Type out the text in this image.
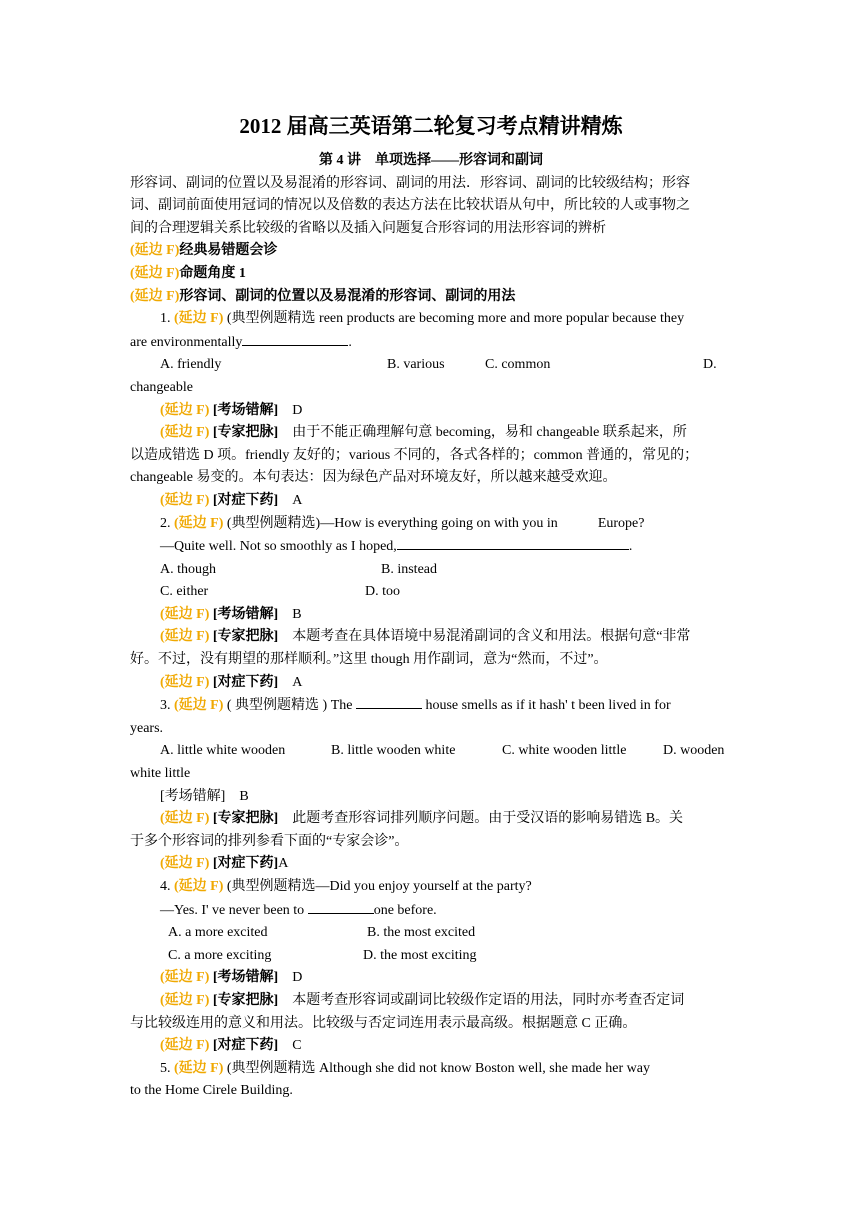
2012 届高三英语第二轮复习考点精讲精炼
第 4 讲　单项选择——形容词和副词
形容词、副词的位置以及易混淆的形容词、副词的用法．形容词、副词的比较级结构；形容
词、副词前面使用冠词的情况以及倍数的表达方法在比较状语从句中，所比较的人或事物之
间的合理逻辑关系比较级的省略以及插入问题复合形容词的用法形容词的辨析
(延边 F)经典易错题会诊
(延边 F)命题角度 1
(延边 F)形容词、副词的位置以及易混淆的形容词、副词的用法
1. (延边 F) (典型例题精选 reen products are becoming more and more popular because they
are environmentally	.
A. friendly	B. various	C. common	D.
changeable
(延边 F) [考场错解]　 D
(延边 F) [专家把脉]　 由于不能正确理解句意 becoming，易和 changeable 联系起来，所
以造成错选 D 项。friendly 友好的；various 不同的，各式各样的；common 普通的，常见的；
changeable 易变的。本句表达：因为绿色产品对环境友好，所以越来越受欢迎。
(延边 F) [对症下药]　 A
2. (延边 F) (典型例题精选)—How is everything going on with you in	Europe?
—Quite well. Not so smoothly as I hoped,	.
A. though	B. instead
C. either	D. too
(延边 F) [考场错解]　 B
(延边 F) [专家把脉]　 本题考查在具体语境中易混淆副词的含义和用法。根据句意“非常
好。不过，没有期望的那样顺利。”这里 though 用作副词，意为“然而，不过”。
(延边 F) [对症下药]　 A
3. (延边 F) ( 典型例题精选 ) The	house smells as if it hash' t been lived in for
years.
A. little white wooden	B. little wooden white	C. white wooden little	D. wooden
white little
[考场错解]　B
(延边 F) [专家把脉]　 此题考查形容词排列顺序问题。由于受汉语的影响易错选 B。关
于多个形容词的排列参看下面的“专家会诊”。
(延边 F) [对症下药]A
4. (延边 F) (典型例题精选—Did you enjoy yourself at the party?
—Yes. I' ve never been to	one before.
A. a more excited	B. the most excited
C. a more exciting	D. the most exciting
(延边 F) [考场错解]　 D
(延边 F) [专家把脉]　 本题考查形容词或副词比较级作定语的用法，同时亦考查否定词
与比较级连用的意义和用法。比较级与否定词连用表示最高级。根据题意 C 正确。
(延边 F) [对症下药]　 C
5. (延边 F) (典型例题精选 Although she did not know Boston well, she made her way
to the Home Cirele Building.
